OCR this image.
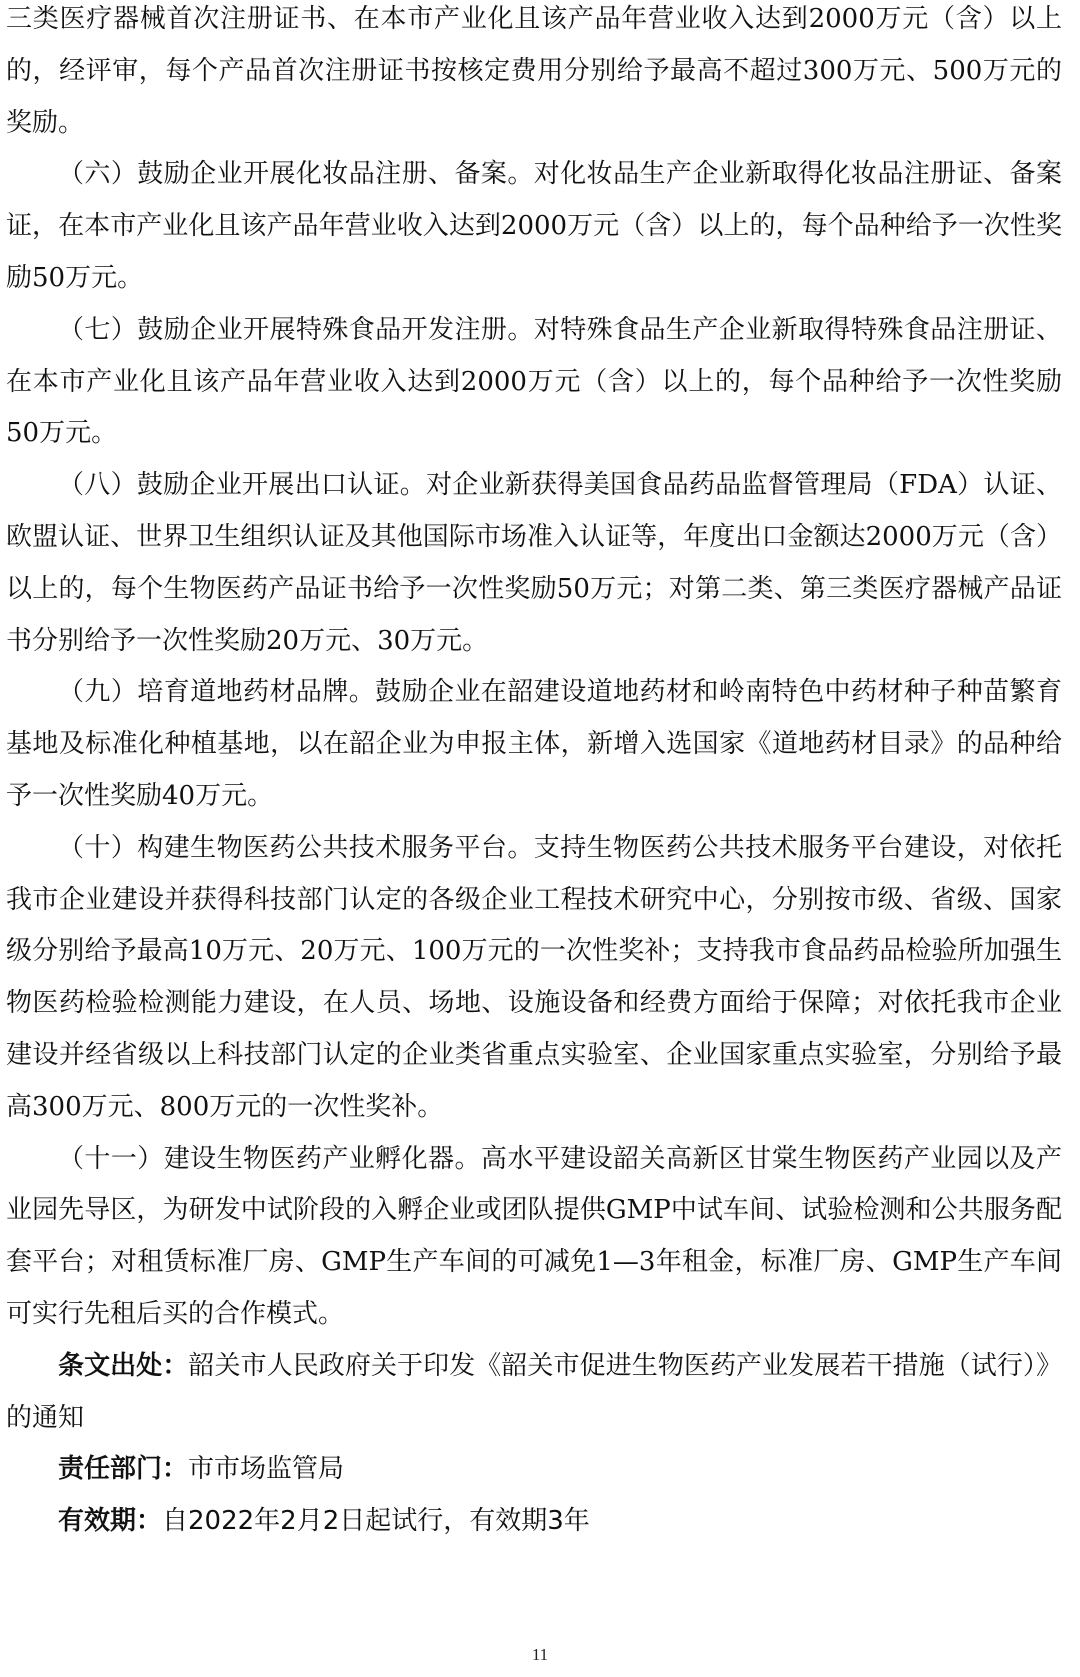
三类医疗器械首次注册证书、在本市产业化且该产品年营业收入达到2000万元（含）以上的，经评审，每个产品首次注册证书按核定费用分别给予最高不超过300万元、500万元的奖励。

（六）鼓励企业开展化妆品注册、备案。对化妆品生产企业新取得化妆品注册证、备案证，在本市产业化且该产品年营业收入达到2000万元（含）以上的，每个品种给予一次性奖励50万元。

（七）鼓励企业开展特殊食品开发注册。对特殊食品生产企业新取得特殊食品注册证、在本市产业化且该产品年营业收入达到2000万元（含）以上的，每个品种给予一次性奖励50万元。

（八）鼓励企业开展出口认证。对企业新获得美国食品药品监督管理局（FDA）认证、欧盟认证、世界卫生组织认证及其他国际市场准入认证等，年度出口金额达2000万元（含）以上的，每个生物医药产品证书给予一次性奖励50万元；对第二类、第三类医疗器械产品证书分别给予一次性奖励20万元、30万元。

（九）培育道地药材品牌。鼓励企业在韶建设道地药材和岭南特色中药材种子种苗繁育基地及标准化种植基地，以在韶企业为申报主体，新增入选国家《道地药材目录》的品种给予一次性奖励40万元。

（十）构建生物医药公共技术服务平台。支持生物医药公共技术服务平台建设，对依托我市企业建设并获得科技部门认定的各级企业工程技术研究中心，分别按市级、省级、国家级分别给予最高10万元、20万元、100万元的一次性奖补；支持我市食品药品检验所加强生物医药检验检测能力建设，在人员、场地、设施设备和经费方面给于保障；对依托我市企业建设并经省级以上科技部门认定的企业类省重点实验室、企业国家重点实验室，分别给予最高300万元、800万元的一次性奖补。

（十一）建设生物医药产业孵化器。高水平建设韶关高新区甘棠生物医药产业园以及产业园先导区，为研发中试阶段的入孵企业或团队提供GMP中试车间、试验检测和公共服务配套平台；对租赁标准厂房、GMP生产车间的可减免1—3年租金，标准厂房、GMP生产车间可实行先租后买的合作模式。

条文出处：韶关市人民政府关于印发《韶关市促进生物医药产业发展若干措施（试行）》的通知

责任部门：市市场监管局

有效期：自2022年2月2日起试行，有效期3年

11
